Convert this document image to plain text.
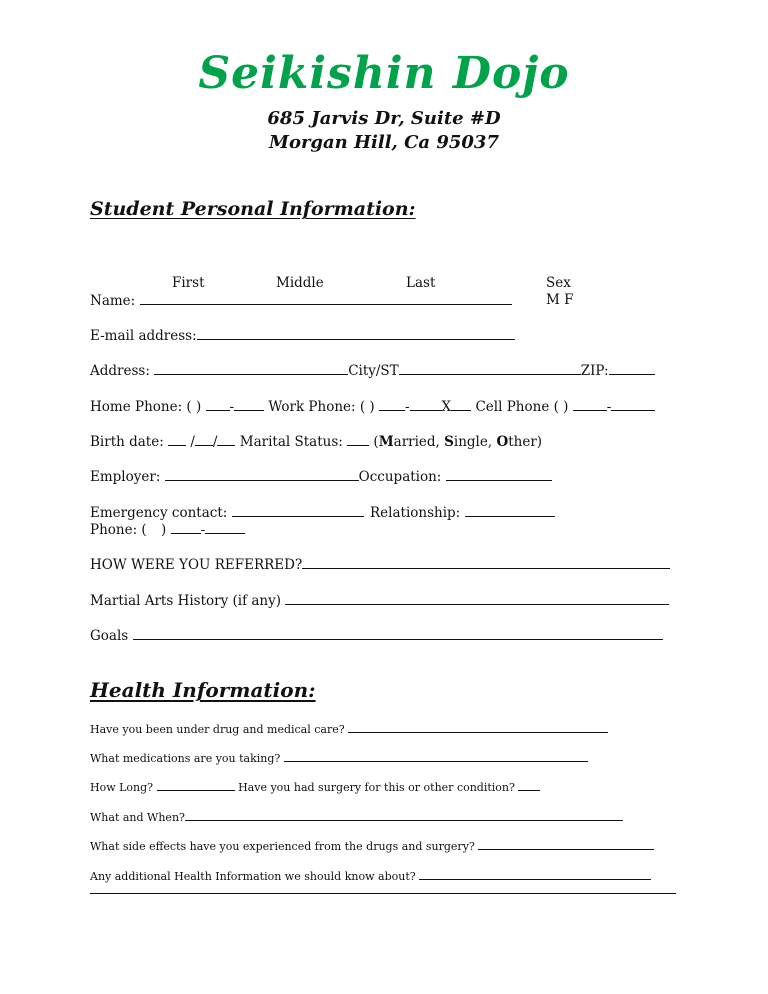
Seikishin Dojo
685 Jarvis Dr, Suite #D
Morgan Hill, Ca 95037
Student Personal Information:
First	Middle	Last	Sex
M F
Name:
E-mail address:
Address:	City/ST	ZIP:
Home Phone: ( ) -	Work Phone: ( ) - X Cell Phone ( )	-
Birth date: / / Marital Status: (Married, Single, Other)
Employer:	Occupation:
Emergency contact:	Relationship:
Phone: ( )	-
HOW WERE YOU REFERRED?
Martial Arts History (if any)
Goals
Health Information:
Have you been under drug and medical care?
What medications are you taking?
How Long?	Have you had surgery for this or other condition?
What and When?
What side effects have you experienced from the drugs and surgery?
Any additional Health Information we should know about?
